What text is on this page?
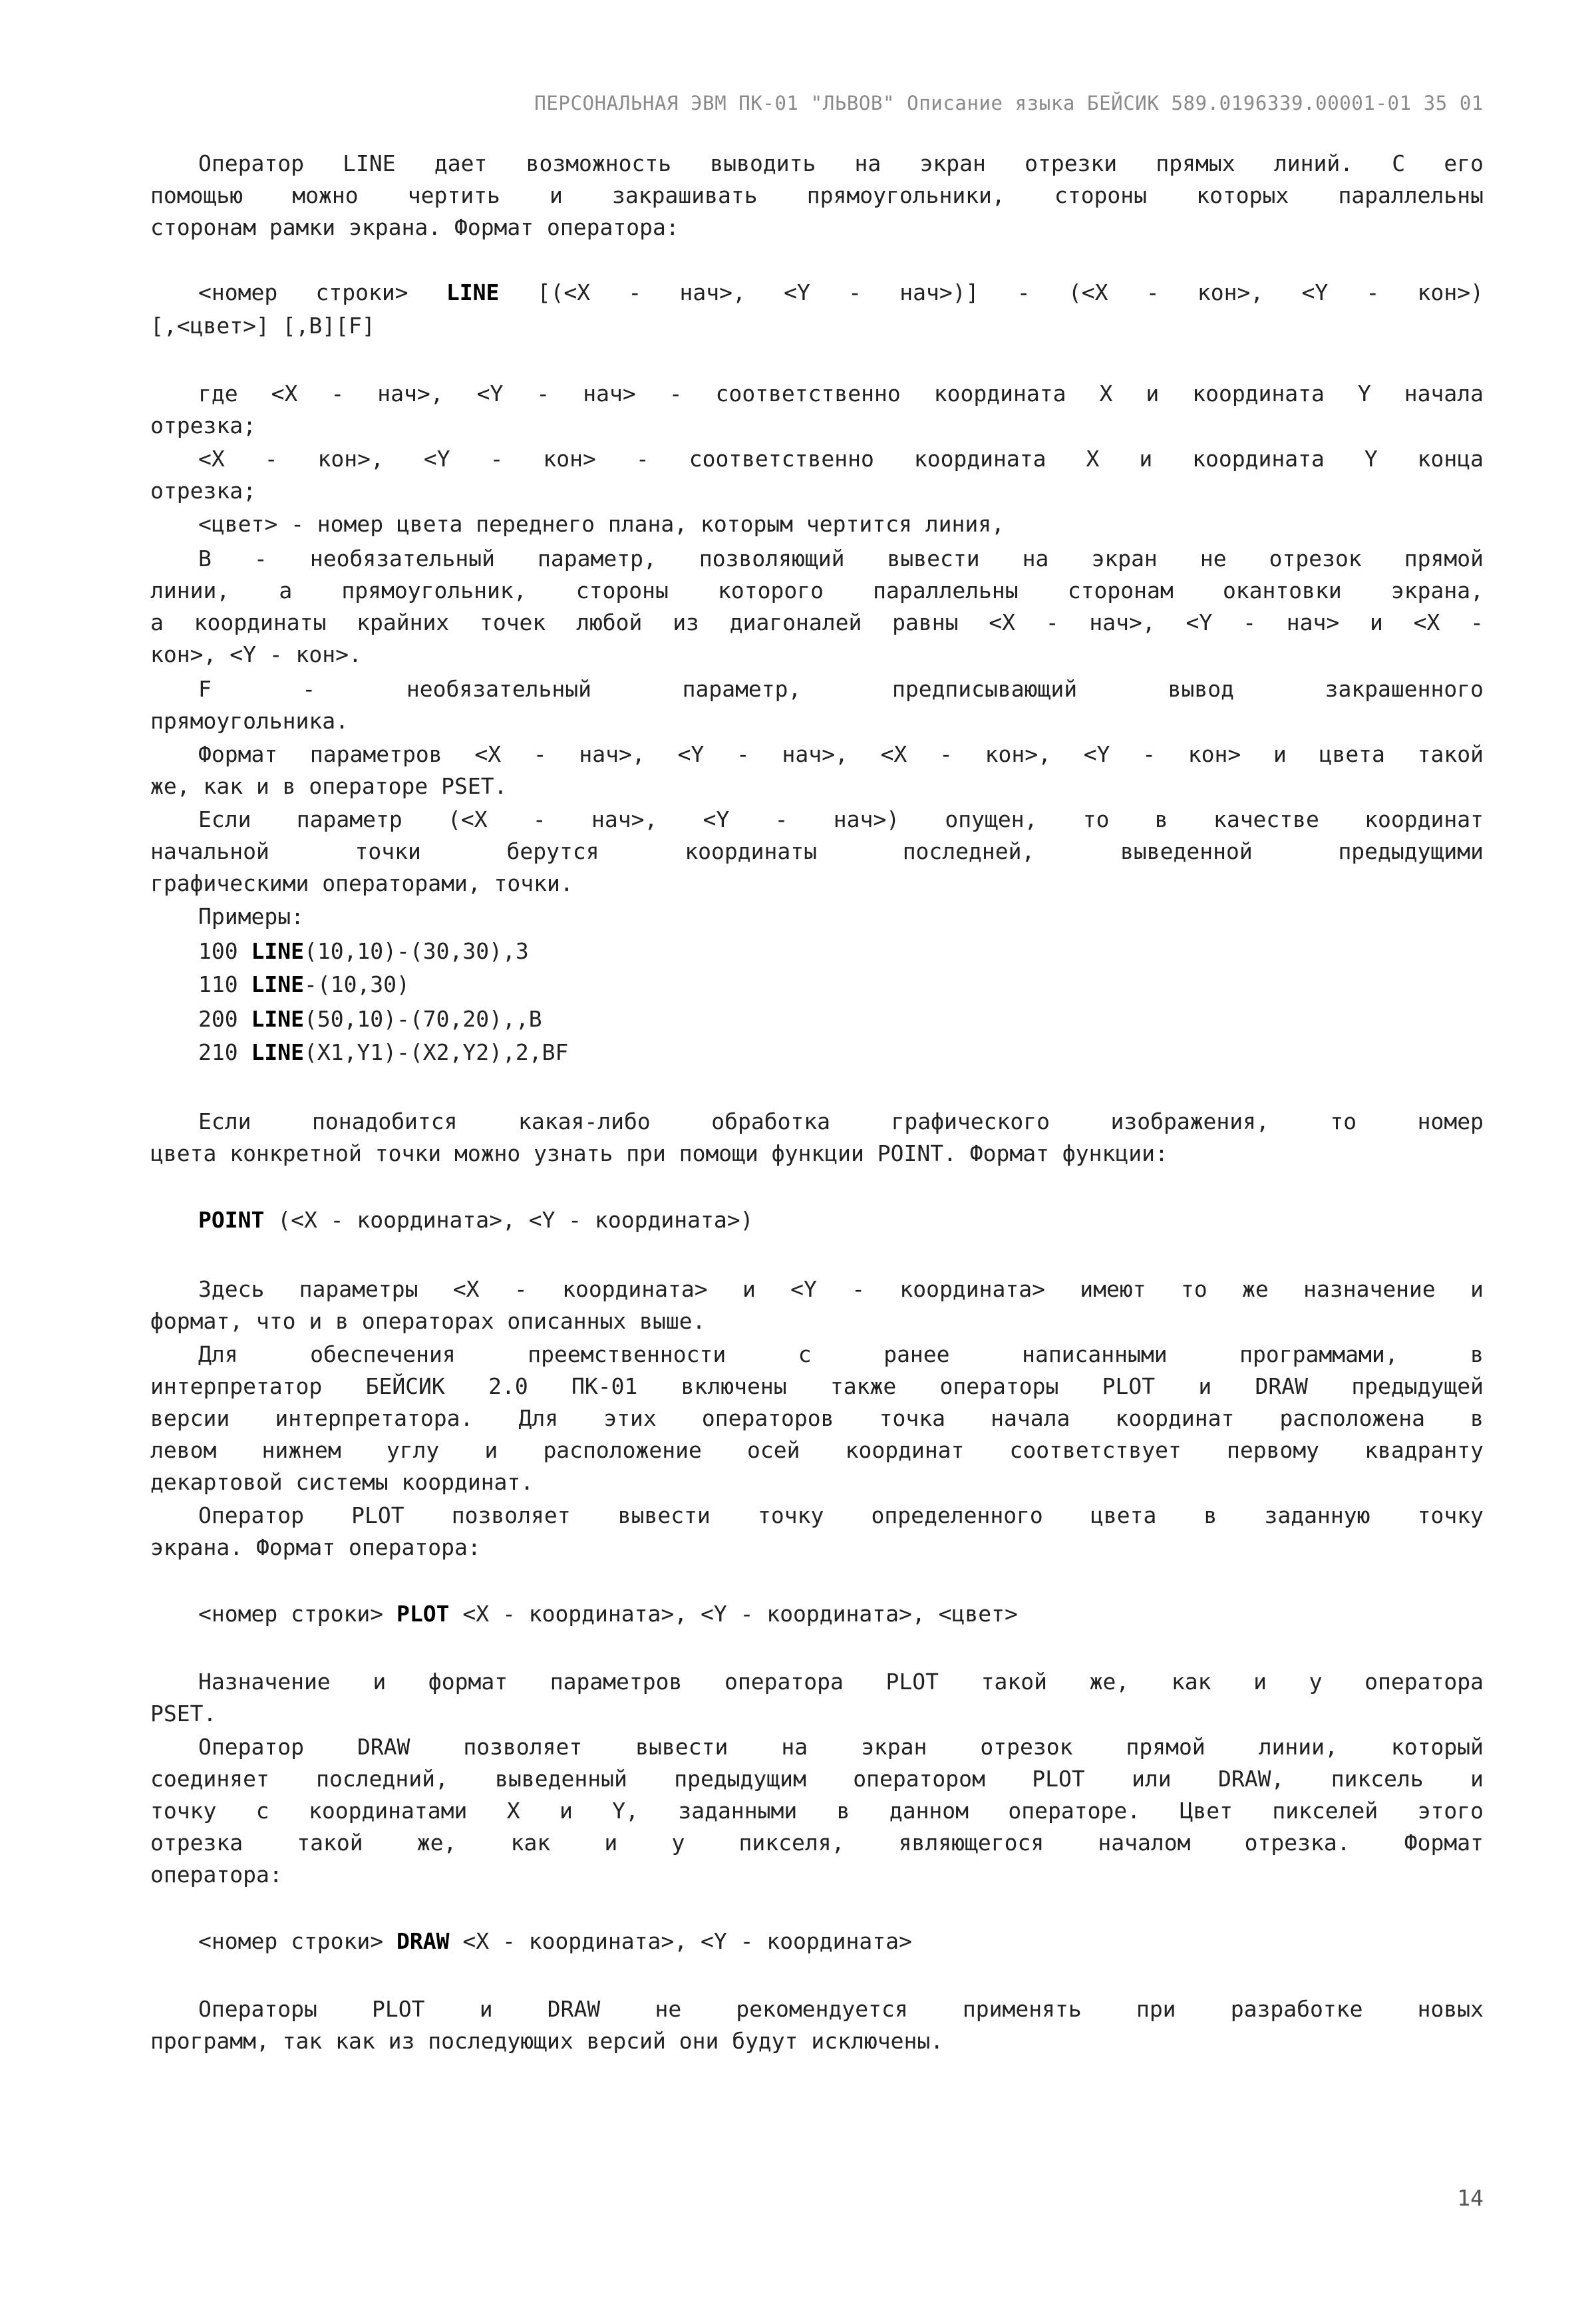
ПЕРСОНАЛЬНАЯ ЭВМ ПК-01 "ЛЬВОВ" Описание языка БЕЙСИК 589.0196339.00001-01 35 01
Оператор LINE дает возможность выводить на экран отрезки прямых линий. С его
помощью можно чертить и закрашивать прямоугольники, стороны которых параллельны
сторонам рамки экрана. Формат оператора:
<номер строки> LINE [(<X - нач>, <Y - нач>)] - (<X - кон>, <Y - кон>)
[,<цвет>] [,B][F]
где <X - нач>, <Y - нач> - соответственно координата X и координата Y начала
отрезка;
<X - кон>, <Y - кон> - соответственно координата X и координата Y конца
отрезка;
<цвет> - номер цвета переднего плана, которым чертится линия,
B - необязательный параметр, позволяющий вывести на экран не отрезок прямой
линии, а прямоугольник, стороны которого параллельны сторонам окантовки экрана,
а координаты крайних точек любой из диагоналей равны <X - нач>, <Y - нач> и <X -
кон>, <Y - кон>.
F - необязательный параметр, предписывающий вывод закрашенного
прямоугольника.
Формат параметров <X - нач>, <Y - нач>, <X - кон>, <Y - кон> и цвета такой
же, как и в операторе PSET.
Если параметр (<X - нач>, <Y - нач>) опущен, то в качестве координат
начальной точки берутся координаты последней, выведенной предыдущими
графическими операторами, точки.
Примеры:
100 LINE(10,10)-(30,30),3
110 LINE-(10,30)
200 LINE(50,10)-(70,20),,B
210 LINE(X1,Y1)-(X2,Y2),2,BF
Если понадобится какая-либо обработка графического изображения, то номер
цвета конкретной точки можно узнать при помощи функции POINT. Формат функции:
POINT (<X - координата>, <Y - координата>)
Здесь параметры <X - координата> и <Y - координата> имеют то же назначение и
формат, что и в операторах описанных выше.
Для обеспечения преемственности с ранее написанными программами, в
интерпретатор БЕЙСИК 2.0 ПК-01 включены также операторы PLOT и DRAW предыдущей
версии интерпретатора. Для этих операторов точка начала координат расположена в
левом нижнем углу и расположение осей координат соответствует первому квадранту
декартовой системы координат.
Оператор PLOT позволяет вывести точку определенного цвета в заданную точку
экрана. Формат оператора:
<номер строки> PLOT <X - координата>, <Y - координата>, <цвет>
Назначение и формат параметров оператора PLOT такой же, как и у оператора
PSET.
Оператор DRAW позволяет вывести на экран отрезок прямой линии, который
соединяет последний, выведенный предыдущим оператором PLOT или DRAW, пиксель и
точку с координатами X и Y, заданными в данном операторе. Цвет пикселей этого
отрезка такой же, как и у пикселя, являющегося началом отрезка. Формат
оператора:
<номер строки> DRAW <X - координата>, <Y - координата>
Операторы PLOT и DRAW не рекомендуется применять при разработке новых
программ, так как из последующих версий они будут исключены.
14
